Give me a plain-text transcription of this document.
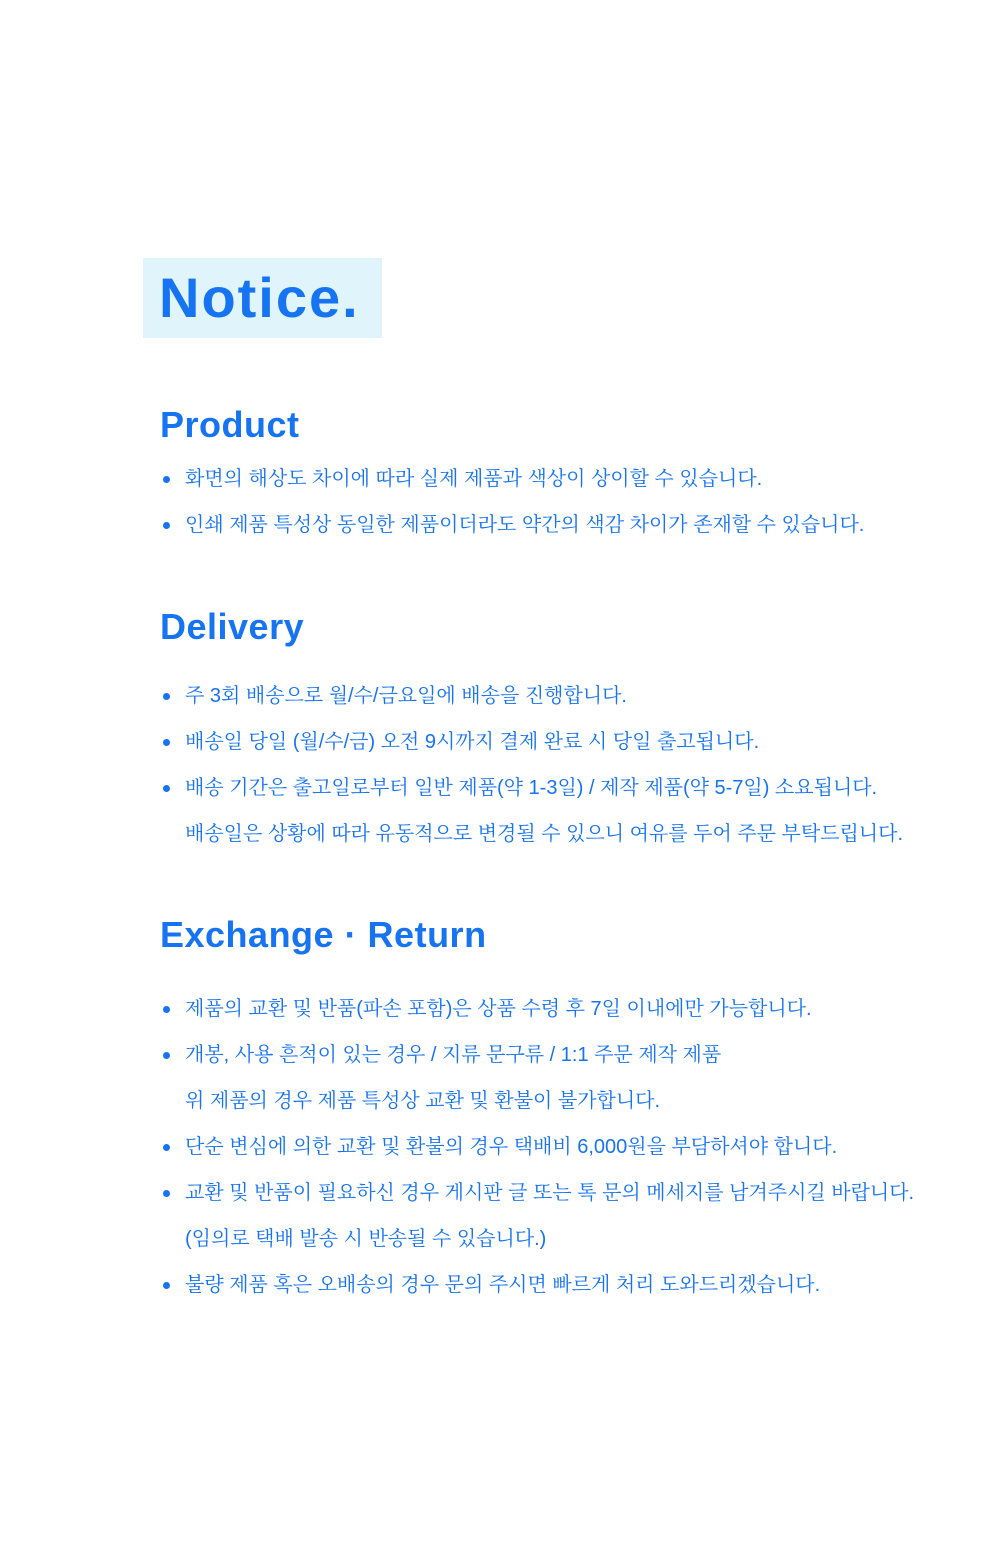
Notice.
Product
화면의 해상도 차이에 따라 실제 제품과 색상이 상이할 수 있습니다.
인쇄 제품 특성상 동일한 제품이더라도 약간의 색감 차이가 존재할 수 있습니다.
Delivery
주 3회 배송으로 월/수/금요일에 배송을 진행합니다.
배송일 당일 (월/수/금) 오전 9시까지 결제 완료 시 당일 출고됩니다.
배송 기간은 출고일로부터 일반 제품(약 1-3일) / 제작 제품(약 5-7일) 소요됩니다.
배송일은 상황에 따라 유동적으로 변경될 수 있으니 여유를 두어 주문 부탁드립니다.
Exchange · Return
제품의 교환 및 반품(파손 포함)은 상품 수령 후 7일 이내에만 가능합니다.
개봉, 사용 흔적이 있는 경우 / 지류 문구류 / 1:1 주문 제작 제품
위 제품의 경우 제품 특성상 교환 및 환불이 불가합니다.
단순 변심에 의한 교환 및 환불의 경우 택배비 6,000원을 부담하셔야 합니다.
교환 및 반품이 필요하신 경우 게시판 글 또는 톡 문의 메세지를 남겨주시길 바랍니다.
(임의로 택배 발송 시 반송될 수 있습니다.)
불량 제품 혹은 오배송의 경우 문의 주시면 빠르게 처리 도와드리겠습니다.
